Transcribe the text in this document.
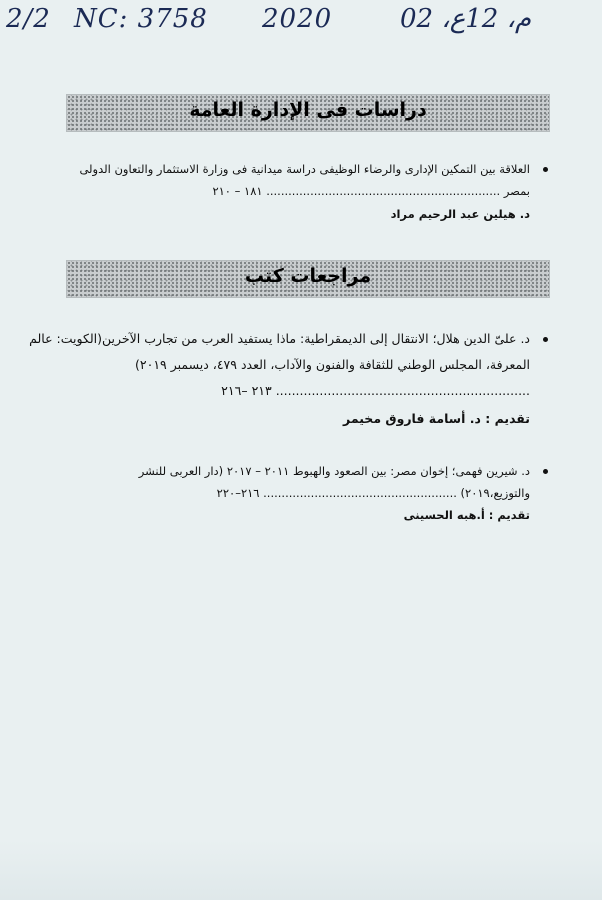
2/2 NC: 3758 2020	م، 12ع، 02
دراسات فى الإدارة العامة
العلاقة بين التمكين الإدارى والرضاء الوظيفى دراسة ميدانية فى وزارة الاستثمار والتعاون الدولى
بمصر ................................................................ ١٨١ – ٢١٠
د. هيلين عبد الرحيم مراد
مراجعات كتب
د. علىّ الدين هلال؛ الانتقال إلى الديمقراطية: ماذا يستفيد العرب من تجارب الآخرين(الكويت: عالم
المعرفة، المجلس الوطني للثقافة والفنون والآداب، العدد ٤٧٩، ديسمبر ٢٠١٩)
................................................................ ٢١٣ –٢١٦
تقديم : د. أسامة فاروق مخيمر
د. شيرين فهمى؛ إخوان مصر: بين الصعود والهبوط ٢٠١١ – ٢٠١٧ (دار العربى للنشر
والتوزيع،٢٠١٩) ..................................................... ٢١٦–٢٢٠
تقديم : أ.هبه الحسينى
